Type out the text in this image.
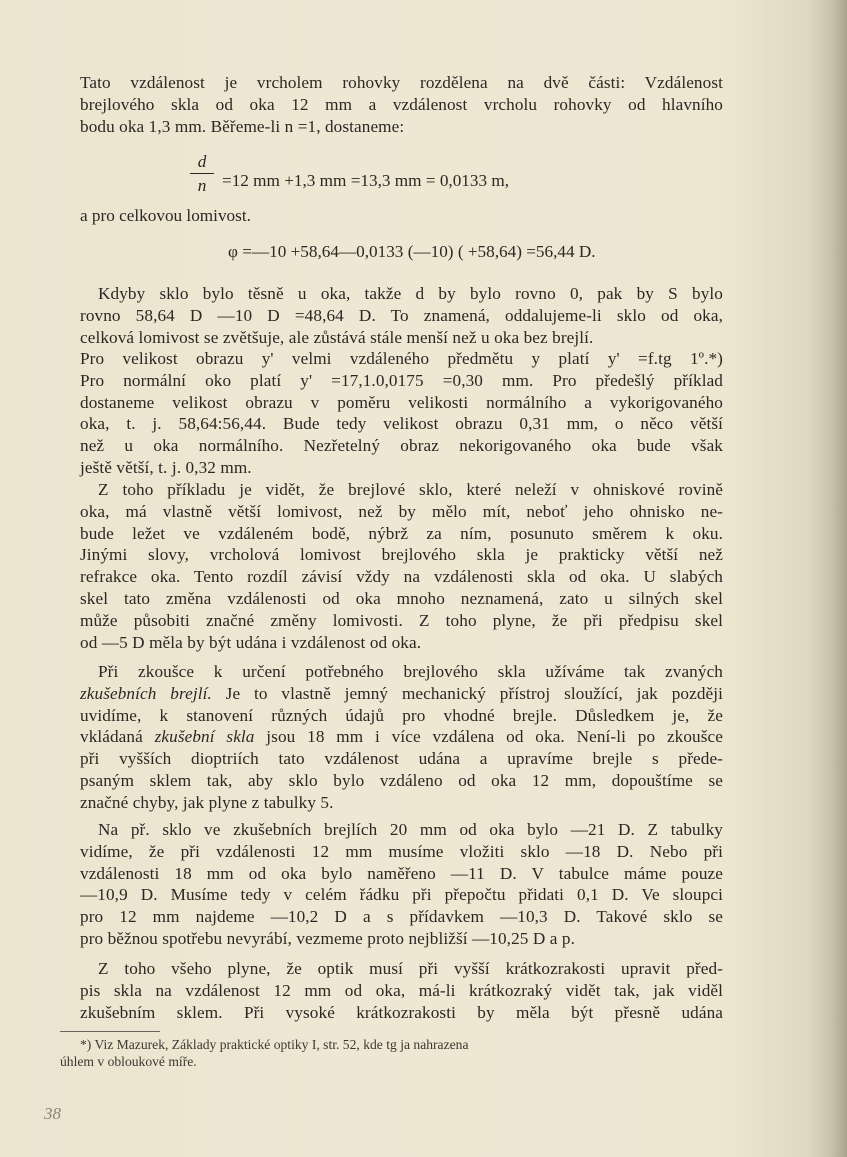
Tato vzdálenost je vrcholem rohovky rozdělena na dvě části: Vzdálenost
brejlového skla od oka 12 mm a vzdálenost vrcholu rohovky od hlavního
bodu oka 1,3 mm. Běřeme-li n =1, dostaneme:
d
n =12 mm +1,3 mm =13,3 mm = 0,0133 m,
a pro celkovou lomivost.
φ =—10 +58,64—0,0133 (—10) ( +58,64) =56,44 D.
Kdyby sklo bylo těsně u oka, takže d by bylo rovno 0, pak by S bylo
rovno 58,64 D —10 D =48,64 D. To znamená, oddalujeme-li sklo od oka,
celková lomivost se zvětšuje, ale zůstává stále menší než u oka bez brejlí.
Pro velikost obrazu y' velmi vzdáleného předmětu y platí y' =f.tg 1º.*)
Pro normální oko platí y' =17,1.0,0175 =0,30 mm. Pro předešlý příklad
dostaneme velikost obrazu v poměru velikosti normálního a vykorigovaného
oka, t. j. 58,64:56,44. Bude tedy velikost obrazu 0,31 mm, o něco větší
než u oka normálního. Nezřetelný obraz nekorigovaného oka bude však
ještě větší, t. j. 0,32 mm.
Z toho příkladu je vidět, že brejlové sklo, které neleží v ohniskové rovině
oka, má vlastně větší lomivost, než by mělo mít, neboť jeho ohnisko ne-
bude ležet ve vzdáleném bodě, nýbrž za ním, posunuto směrem k oku.
Jinými slovy, vrcholová lomivost brejlového skla je prakticky větší než
refrakce oka. Tento rozdíl závisí vždy na vzdálenosti skla od oka. U slabých
skel tato změna vzdálenosti od oka mnoho neznamená, zato u silných skel
může působiti značné změny lomivosti. Z toho plyne, že při předpisu skel
od —5 D měla by být udána i vzdálenost od oka.
Při zkoušce k určení potřebného brejlového skla užíváme tak zvaných
zkušebních brejlí. Je to vlastně jemný mechanický přístroj sloužící, jak později
uvidíme, k stanovení různých údajů pro vhodné brejle. Důsledkem je, že
vkládaná zkušební skla jsou 18 mm i více vzdálena od oka. Není-li po zkoušce
při vyšších dioptriích tato vzdálenost udána a upravíme brejle s přede-
psaným sklem tak, aby sklo bylo vzdáleno od oka 12 mm, dopouštíme se
značné chyby, jak plyne z tabulky 5.
Na př. sklo ve zkušebních brejlích 20 mm od oka bylo —21 D. Z tabulky
vidíme, že při vzdálenosti 12 mm musíme vložiti sklo —18 D. Nebo při
vzdálenosti 18 mm od oka bylo naměřeno —11 D. V tabulce máme pouze
—10,9 D. Musíme tedy v celém řádku při přepočtu přidati 0,1 D. Ve sloupci
pro 12 mm najdeme —10,2 D a s přídavkem —10,3 D. Takové sklo se
pro běžnou spotřebu nevyrábí, vezmeme proto nejbližší —10,25 D a p.
Z toho všeho plyne, že optik musí při vyšší krátkozrakosti upravit před-
pis skla na vzdálenost 12 mm od oka, má-li krátkozraký vidět tak, jak viděl
zkušebním sklem. Při vysoké krátkozrakosti by měla být přesně udána
*) Viz Mazurek, Základy praktické optiky I, str. 52, kde tg ja nahrazena
úhlem v obloukové míře.
38
